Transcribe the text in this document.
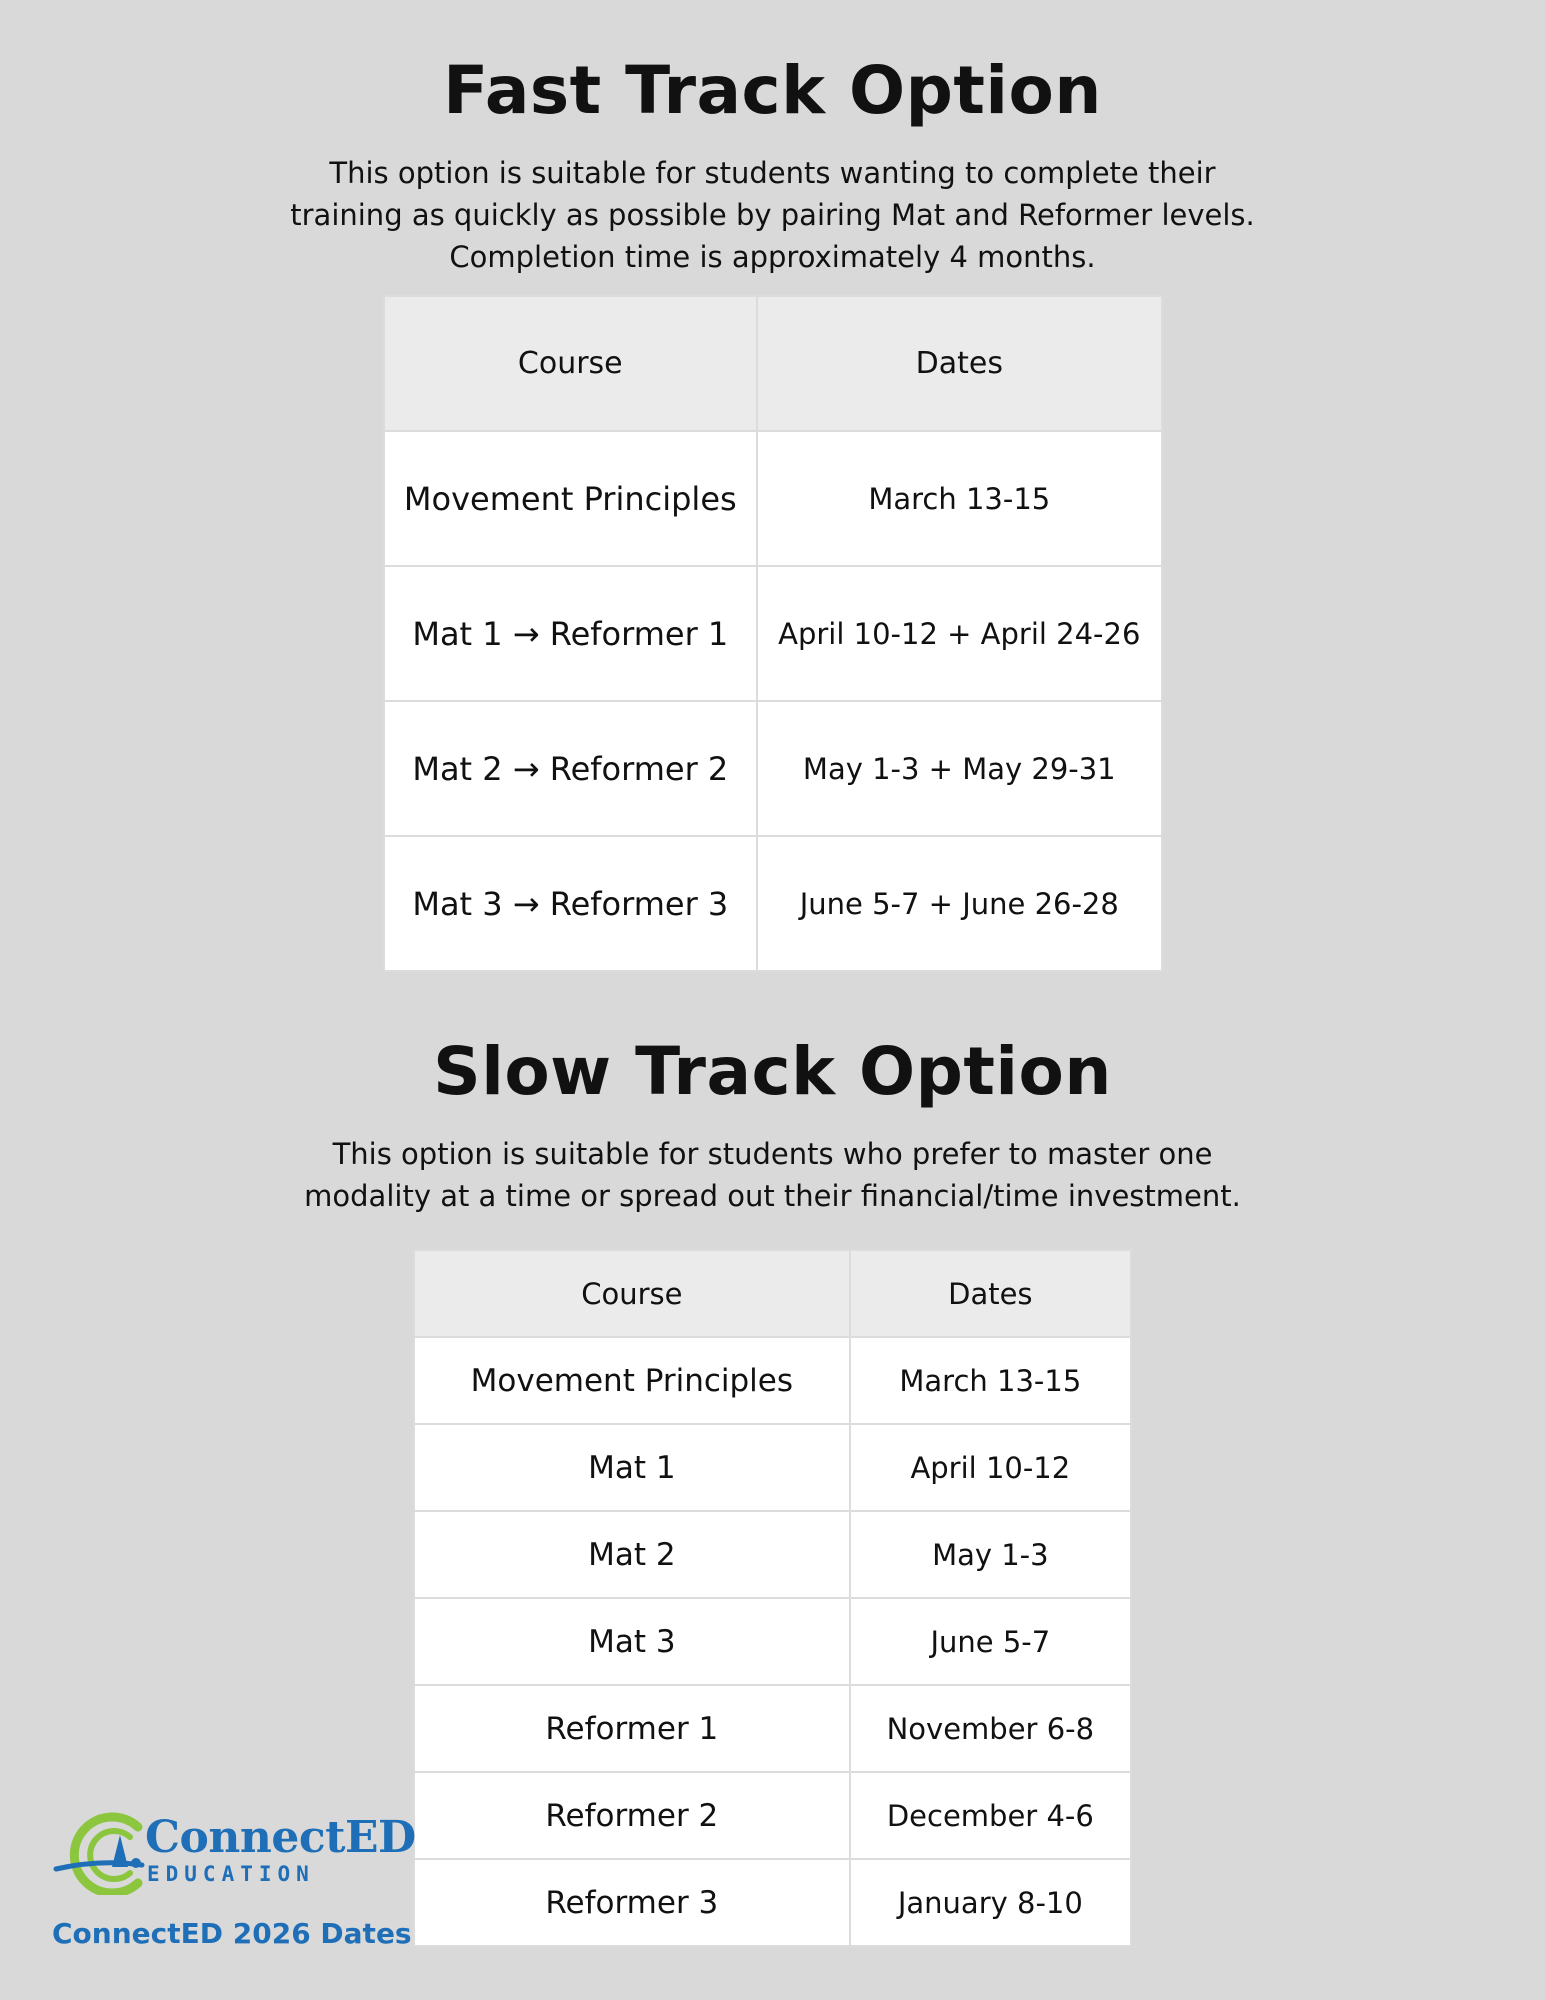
Fast Track Option

This option is suitable for students wanting to complete their
training as quickly as possible by pairing Mat and Reformer levels.
Completion time is approximately 4 months.

Course	Dates
Movement Principles	March 13-15
Mat 1 → Reformer 1	April 10-12 + April 24-26
Mat 2 → Reformer 2	May 1-3 + May 29-31
Mat 3 → Reformer 3	June 5-7 + June 26-28
Slow Track Option

This option is suitable for students who prefer to master one
modality at a time or spread out their financial/time investment.

Course	Dates
Movement Principles	March 13-15
Mat 1	April 10-12
Mat 2	May 1-3
Mat 3	June 5-7
Reformer 1	November 6-8
Reformer 2	December 4-6
Reformer 3	January 8-10
ConnectED
EDUCATION
ConnectED 2026 Dates
